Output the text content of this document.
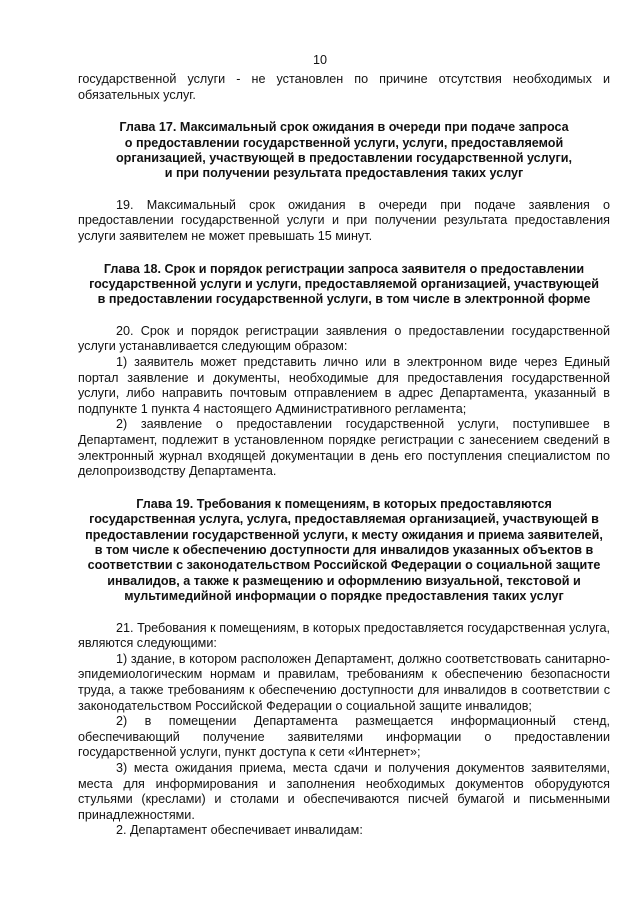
10

государственной услуги - не установлен по причине отсутствия необходимых и обязательных услуг.

Глава 17. Максимальный срок ожидания в очереди при подаче запроса
о предоставлении государственной услуги, услуги, предоставляемой
организацией, участвующей в предоставлении государственной услуги,
и при получении результата предоставления таких услуг

19. Максимальный срок ожидания в очереди при подаче заявления о предоставлении государственной услуги и при получении результата предоставления услуги заявителем не может превышать 15 минут.

Глава 18. Срок и порядок регистрации запроса заявителя о предоставлении
государственной услуги и услуги, предоставляемой организацией, участвующей
в предоставлении государственной услуги, в том числе в электронной форме

20. Срок и порядок регистрации заявления о предоставлении государственной услуги устанавливается следующим образом:

1) заявитель может представить лично или в электронном виде через Единый портал заявление и документы, необходимые для предоставления государственной услуги, либо направить почтовым отправлением в адрес Департамента, указанный в подпункте 1 пункта 4 настоящего Административного регламента;

2) заявление о предоставлении государственной услуги, поступившее в Департамент, подлежит в установленном порядке регистрации с занесением сведений в электронный журнал входящей документации в день его поступления специалистом по делопроизводству Департамента.

Глава 19. Требования к помещениям, в которых предоставляются
государственная услуга, услуга, предоставляемая организацией, участвующей в
предоставлении государственной услуги, к месту ожидания и приема заявителей,
в том числе к обеспечению доступности для инвалидов указанных объектов в
соответствии с законодательством Российской Федерации о социальной защите
инвалидов, а также к размещению и оформлению визуальной, текстовой и
мультимедийной информации о порядке предоставления таких услуг

21. Требования к помещениям, в которых предоставляется государственная услуга, являются следующими:

1) здание, в котором расположен Департамент, должно соответствовать санитарно-эпидемиологическим нормам и правилам, требованиям к обеспечению безопасности труда, а также требованиям к обеспечению доступности для инвалидов в соответствии с законодательством Российской Федерации о социальной защите инвалидов;

2) в помещении Департамента размещается информационный стенд, обеспечивающий получение заявителями информации о предоставлении государственной услуги, пункт доступа к сети «Интернет»;

3) места ожидания приема, места сдачи и получения документов заявителями, места для информирования и заполнения необходимых документов оборудуются стульями (креслами) и столами и обеспечиваются писчей бумагой и письменными принадлежностями.

2. Департамент обеспечивает инвалидам:
